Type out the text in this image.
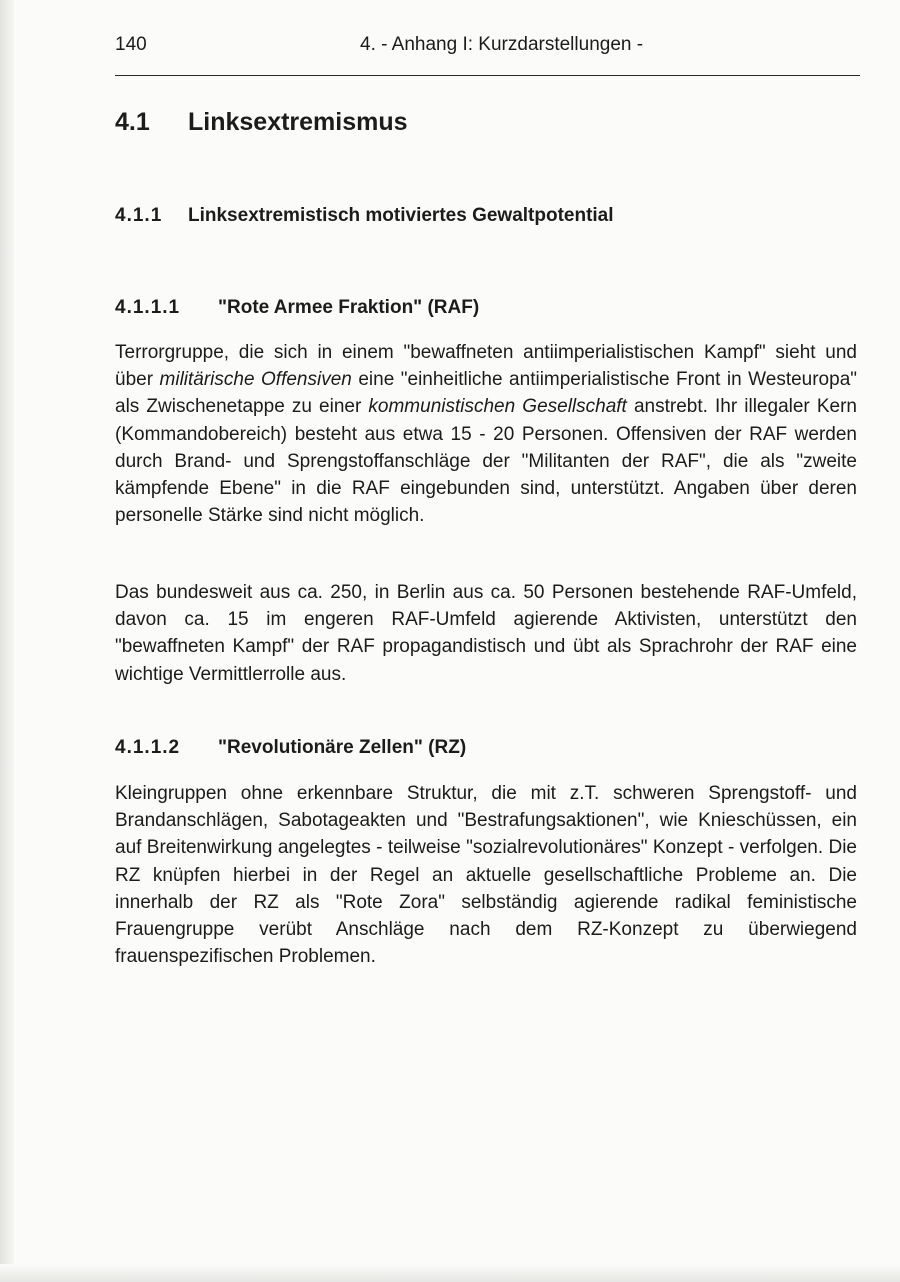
140	4. - Anhang I: Kurzdarstellungen -
4.1 Linksextremismus
4.1.1 Linksextremistisch motiviertes Gewaltpotential
4.1.1.1 "Rote Armee Fraktion" (RAF)

Terrorgruppe, die sich in einem "bewaffneten antiimperialistischen Kampf" sieht und über militärische Offensiven eine "einheitliche antiimperialistische Front in Westeuropa" als Zwischenetappe zu einer kommunistischen Gesellschaft anstrebt. Ihr illegaler Kern (Kommandobereich) besteht aus etwa 15 - 20 Personen. Offensiven der RAF werden durch Brand- und Sprengstoffanschläge der "Militanten der RAF", die als "zweite kämpfende Ebene" in die RAF eingebunden sind, unterstützt. Angaben über deren personelle Stärke sind nicht möglich.

Das bundesweit aus ca. 250, in Berlin aus ca. 50 Personen bestehende RAF-Umfeld, davon ca. 15 im engeren RAF-Umfeld agierende Aktivisten, unterstützt den "bewaffneten Kampf" der RAF propagandistisch und übt als Sprachrohr der RAF eine wichtige Vermittlerrolle aus.

4.1.1.2 "Revolutionäre Zellen" (RZ)

Kleingruppen ohne erkennbare Struktur, die mit z.T. schweren Sprengstoff- und Brandanschlägen, Sabotageakten und "Bestrafungsaktionen", wie Knieschüssen, ein auf Breitenwirkung angelegtes - teilweise "sozialrevolutionäres" Konzept - verfolgen. Die RZ knüpfen hierbei in der Regel an aktuelle gesellschaftliche Probleme an. Die innerhalb der RZ als "Rote Zora" selbständig agierende radikal feministische Frauengruppe verübt Anschläge nach dem RZ-Konzept zu überwiegend frauenspezifischen Problemen.
